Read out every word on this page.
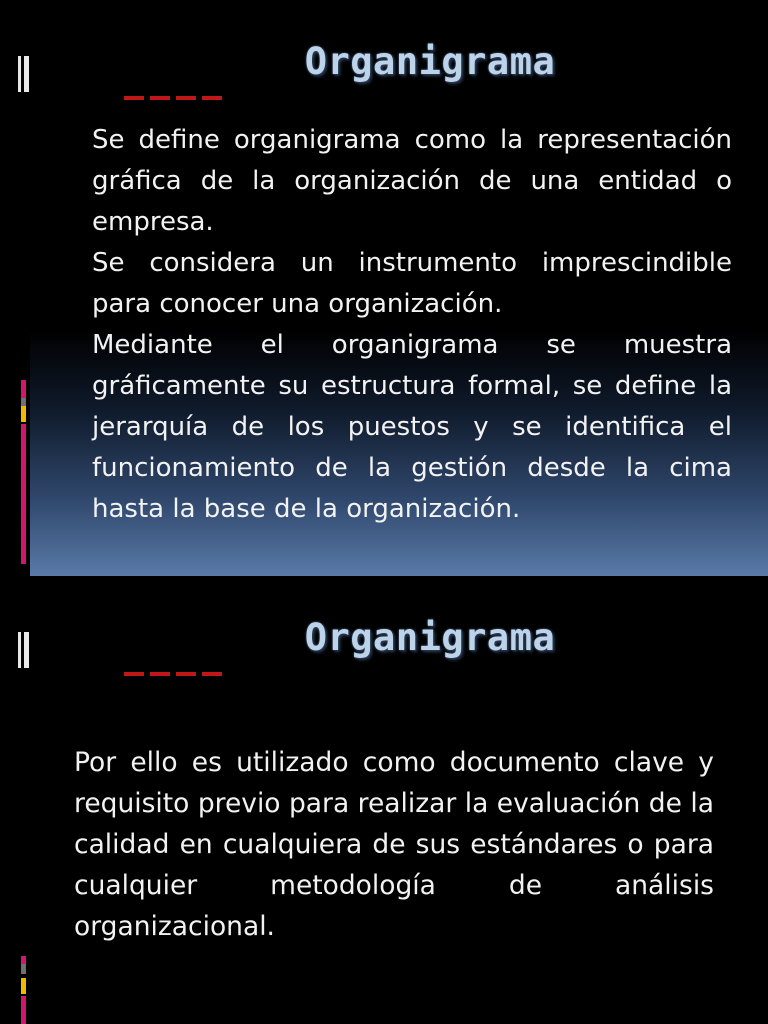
Organigrama
Se define organigrama como la representación gráfica de la organización de una entidad o empresa.
Se considera un instrumento imprescindible para conocer una organización.
Mediante el organigrama se muestra gráficamente su estructura formal, se define la jerarquía de los puestos y se identifica el funcionamiento de la gestión desde la cima hasta la base de la organización.
Organigrama
Por ello es utilizado como documento clave y requisito previo para realizar la evaluación de la calidad en cualquiera de sus estándares o para cualquier metodología de análisis organizacional.
